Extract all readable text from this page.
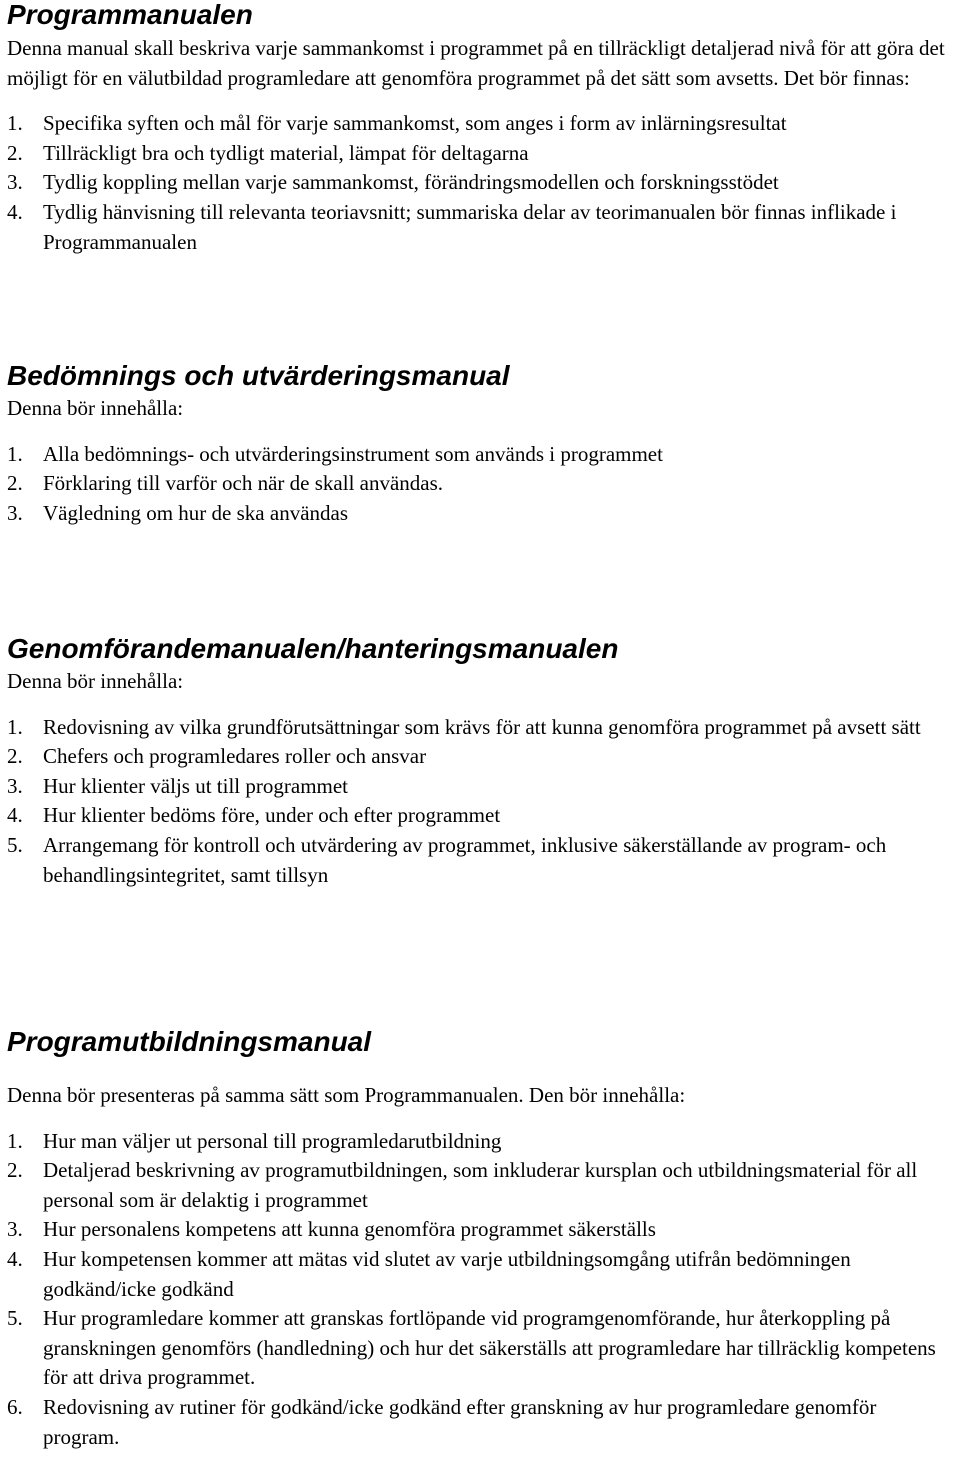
Programmanualen

Denna manual skall beskriva varje sammankomst i programmet på en tillräckligt detaljerad nivå för att göra det möjligt för en välutbildad programledare att genomföra programmet på det sätt som avsetts. Det bör finnas:

1. Specifika syften och mål för varje sammankomst, som anges i form av inlärningsresultat
2. Tillräckligt bra och tydligt material, lämpat för deltagarna
3. Tydlig koppling mellan varje sammankomst, förändringsmodellen och forskningsstödet
4. Tydlig hänvisning till relevanta teoriavsnitt; summariska delar av teorimanualen bör finnas inflikade i Programmanualen
Bedömnings och utvärderingsmanual

Denna bör innehålla:

1. Alla bedömnings- och utvärderingsinstrument som används i programmet
2. Förklaring till varför och när de skall användas.
3. Vägledning om hur de ska användas
Genomförandemanualen/hanteringsmanualen

Denna bör innehålla:

1. Redovisning av vilka grundförutsättningar som krävs för att kunna genomföra programmet på avsett sätt
2. Chefers och programledares roller och ansvar
3. Hur klienter väljs ut till programmet
4. Hur klienter bedöms före, under och efter programmet
5. Arrangemang för kontroll och utvärdering av programmet, inklusive säkerställande av program- och behandlingsintegritet, samt tillsyn
Programutbildningsmanual

Denna bör presenteras på samma sätt som Programmanualen. Den bör innehålla:

1. Hur man väljer ut personal till programledarutbildning
2. Detaljerad beskrivning av programutbildningen, som inkluderar kursplan och utbildningsmaterial för all personal som är delaktig i programmet
3. Hur personalens kompetens att kunna genomföra programmet säkerställs
4. Hur kompetensen kommer att mätas vid slutet av varje utbildningsomgång utifrån bedömningen godkänd/icke godkänd
5. Hur programledare kommer att granskas fortlöpande vid programgenomförande, hur återkoppling på granskningen genomförs (handledning) och hur det säkerställs att programledare har tillräcklig kompetens för att driva programmet.
6. Redovisning av rutiner för godkänd/icke godkänd efter granskning av hur programledare genomför program.
